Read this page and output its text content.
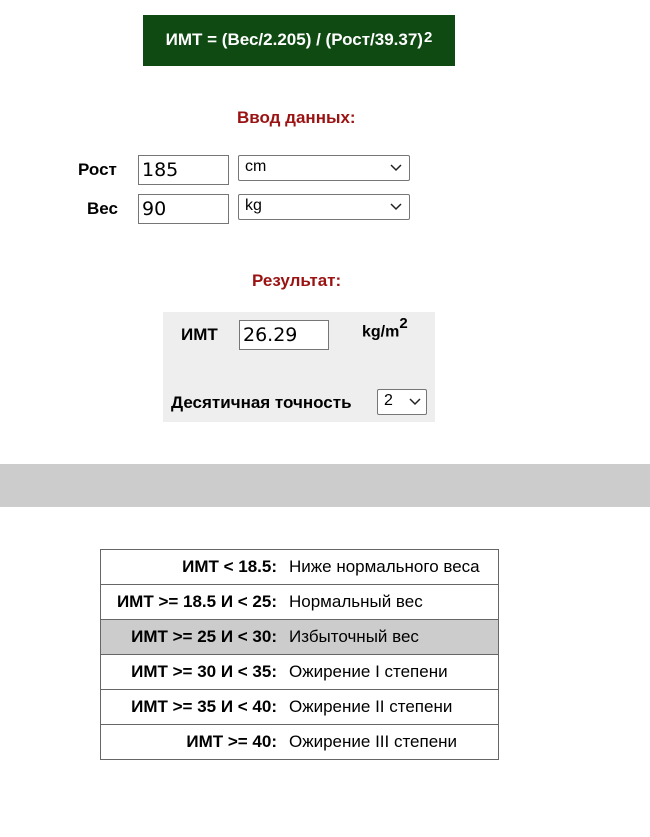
ИМТ = (Вес/2.205) / (Рост/39.37)$^2$
Ввод данных:
Рост 185	cm
Вес 90	kg
Результат:
ИМТ 26.29	$kg/m^2$
Десятичная точность	2
ИМТ < 18.5:	Ниже нормального веса
ИМТ >= 18.5 И < 25:	Нормальный вес
ИМТ >= 25 И < 30:	Избыточный вес
ИМТ >= 30 И < 35:	Ожирение I степени
ИМТ >= 35 И < 40:	Ожирение II степени
ИМТ >= 40:	Ожирение III степени
